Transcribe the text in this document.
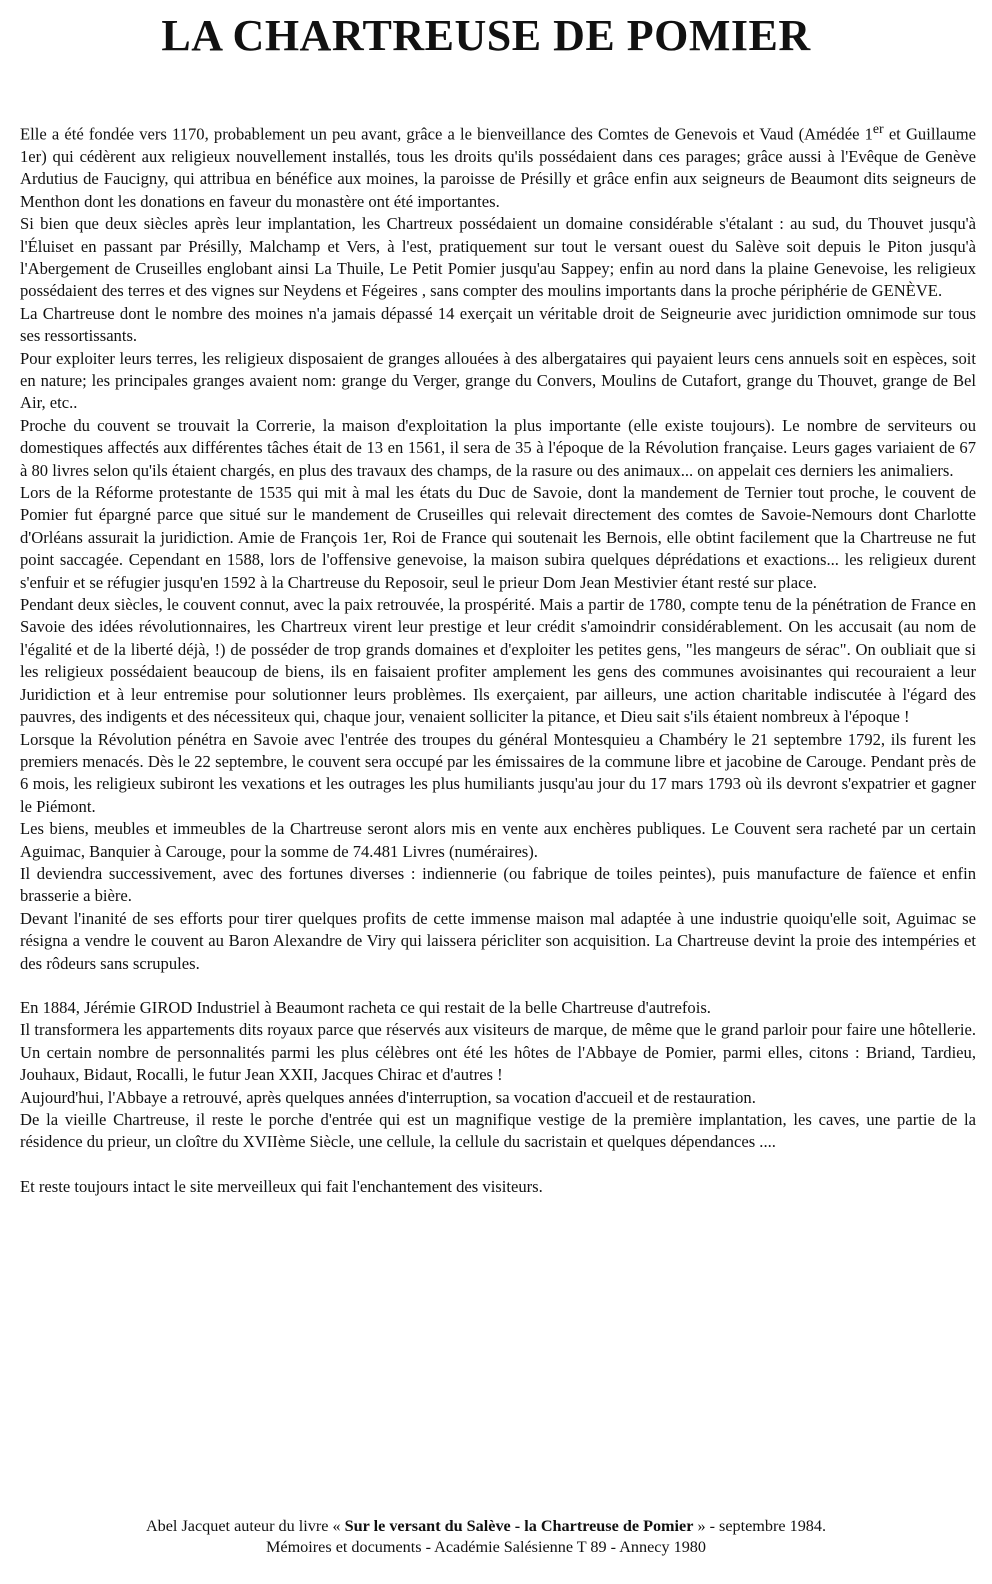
LA CHARTREUSE DE POMIER

Elle a été fondée vers 1170, probablement un peu avant, grâce a le bienveillance des Comtes de Genevois et Vaud (Amédée 1er et Guillaume 1er) qui cédèrent aux religieux nouvellement installés, tous les droits qu'ils possédaient dans ces parages; grâce aussi à l'Evêque de Genève Ardutius de Faucigny, qui attribua en bénéfice aux moines, la paroisse de Présilly et grâce enfin aux seigneurs de Beaumont dits seigneurs de Menthon dont les donations en faveur du monastère ont été importantes.

Si bien que deux siècles après leur implantation, les Chartreux possédaient un domaine considérable s'étalant : au sud, du Thouvet jusqu'à l'Éluiset en passant par Présilly, Malchamp et Vers, à l'est, pratiquement sur tout le versant ouest du Salève soit depuis le Piton jusqu'à l'Abergement de Cruseilles englobant ainsi La Thuile, Le Petit Pomier jusqu'au Sappey; enfin au nord dans la plaine Genevoise, les religieux possédaient des terres et des vignes sur Neydens et Fégeires , sans compter des moulins importants dans la proche périphérie de GENÈVE.

La Chartreuse dont le nombre des moines n'a jamais dépassé 14 exerçait un véritable droit de Seigneurie avec juridiction omnimode sur tous ses ressortissants.

Pour exploiter leurs terres, les religieux disposaient de granges allouées à des albergataires qui payaient leurs cens annuels soit en espèces, soit en nature; les principales granges avaient nom: grange du Verger, grange du Convers, Moulins de Cutafort, grange du Thouvet, grange de Bel Air, etc..

Proche du couvent se trouvait la Correrie, la maison d'exploitation la plus importante (elle existe toujours). Le nombre de serviteurs ou domestiques affectés aux différentes tâches était de 13 en 1561, il sera de 35 à l'époque de la Révolution française. Leurs gages variaient de 67 à 80 livres selon qu'ils étaient chargés, en plus des travaux des champs, de la rasure ou des animaux... on appelait ces derniers les animaliers.

Lors de la Réforme protestante de 1535 qui mit à mal les états du Duc de Savoie, dont la mandement de Ternier tout proche, le couvent de Pomier fut épargné parce que situé sur le mandement de Cruseilles qui relevait directement des comtes de Savoie-Nemours dont Charlotte d'Orléans assurait la juridiction. Amie de François 1er, Roi de France qui soutenait les Bernois, elle obtint facilement que la Chartreuse ne fut point saccagée. Cependant en 1588, lors de l'offensive genevoise, la maison subira quelques déprédations et exactions... les religieux durent s'enfuir et se réfugier jusqu'en 1592 à la Chartreuse du Reposoir, seul le prieur Dom Jean Mestivier étant resté sur place.

Pendant deux siècles, le couvent connut, avec la paix retrouvée, la prospérité. Mais a partir de 1780, compte tenu de la pénétration de France en Savoie des idées révolutionnaires, les Chartreux virent leur prestige et leur crédit s'amoindrir considérablement. On les accusait (au nom de l'égalité et de la liberté déjà, !) de posséder de trop grands domaines et d'exploiter les petites gens, "les mangeurs de sérac". On oubliait que si les religieux possédaient beaucoup de biens, ils en faisaient profiter amplement les gens des communes avoisinantes qui recouraient a leur Juridiction et à leur entremise pour solutionner leurs problèmes. Ils exerçaient, par ailleurs, une action charitable indiscutée à l'égard des pauvres, des indigents et des nécessiteux qui, chaque jour, venaient solliciter la pitance, et Dieu sait s'ils étaient nombreux à l'époque !

Lorsque la Révolution pénétra en Savoie avec l'entrée des troupes du général Montesquieu a Chambéry le 21 septembre 1792, ils furent les premiers menacés. Dès le 22 septembre, le couvent sera occupé par les émissaires de la commune libre et jacobine de Carouge. Pendant près de 6 mois, les religieux subiront les vexations et les outrages les plus humiliants jusqu'au jour du 17 mars 1793 où ils devront s'expatrier et gagner le Piémont.

Les biens, meubles et immeubles de la Chartreuse seront alors mis en vente aux enchères publiques. Le Couvent sera racheté par un certain Aguimac, Banquier à Carouge, pour la somme de 74.481 Livres (numéraires).

Il deviendra successivement, avec des fortunes diverses : indiennerie (ou fabrique de toiles peintes), puis manufacture de faïence et enfin brasserie a bière.

Devant l'inanité de ses efforts pour tirer quelques profits de cette immense maison mal adaptée à une industrie quoiqu'elle soit, Aguimac se résigna a vendre le couvent au Baron Alexandre de Viry qui laissera péricliter son acquisition. La Chartreuse devint la proie des intempéries et des rôdeurs sans scrupules.

En 1884, Jérémie GIROD Industriel à Beaumont racheta ce qui restait de la belle Chartreuse d'autrefois.

Il transformera les appartements dits royaux parce que réservés aux visiteurs de marque, de même que le grand parloir pour faire une hôtellerie. Un certain nombre de personnalités parmi les plus célèbres ont été les hôtes de l'Abbaye de Pomier, parmi elles, citons : Briand, Tardieu, Jouhaux, Bidaut, Rocalli, le futur Jean XXII, Jacques Chirac et d'autres !

Aujourd'hui, l'Abbaye a retrouvé, après quelques années d'interruption, sa vocation d'accueil et de restauration.

De la vieille Chartreuse, il reste le porche d'entrée qui est un magnifique vestige de la première implantation, les caves, une partie de la résidence du prieur, un cloître du XVIIème Siècle, une cellule, la cellule du sacristain et quelques dépendances ....

Et reste toujours intact le site merveilleux qui fait l'enchantement des visiteurs.

Abel Jacquet auteur du livre « Sur le versant du Salève - la Chartreuse de Pomier » - septembre 1984.
Mémoires et documents - Académie Salésienne T 89 - Annecy 1980
